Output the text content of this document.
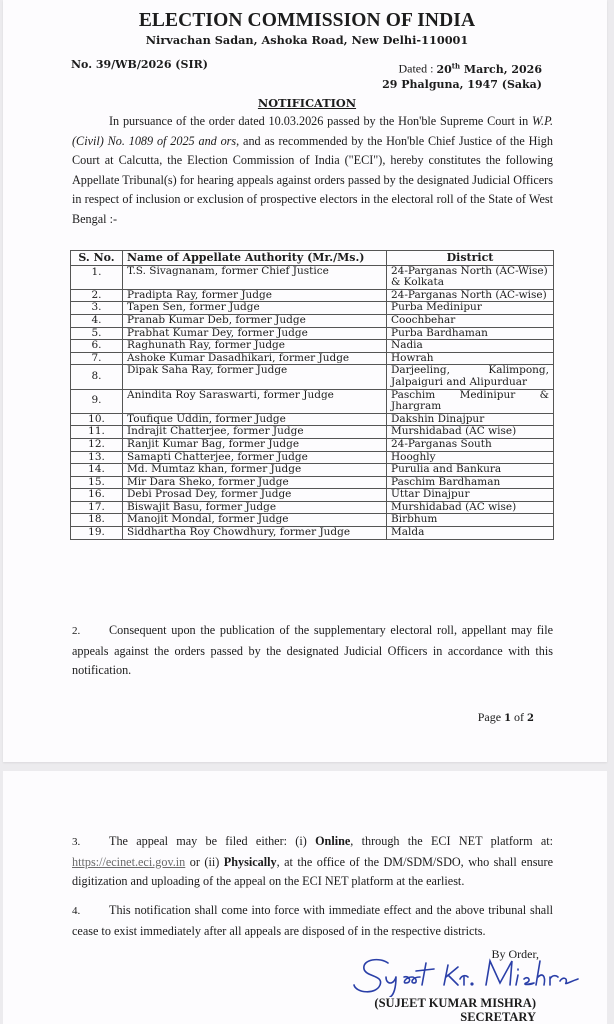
ELECTION COMMISSION OF INDIA
Nirvachan Sadan, Ashoka Road, New Delhi-110001
No. 39/WB/2026 (SIR)	Dated : 20th March, 2026
29 Phalguna, 1947 (Saka)
NOTIFICATION
In pursuance of the order dated 10.03.2026 passed by the Hon'ble Supreme Court in W.P. (Civil) No. 1089 of 2025 and ors, and as recommended by the Hon'ble Chief Justice of the High Court at Calcutta, the Election Commission of India ("ECI"), hereby constitutes the following Appellate Tribunal(s) for hearing appeals against orders passed by the designated Judicial Officers in respect of inclusion or exclusion of prospective electors in the electoral roll of the State of West Bengal :-
S. No.	Name of Appellate Authority (Mr./Ms.)	District
1.	T.S. Sivagnanam, former Chief Justice	24-Parganas North (AC-Wise) & Kolkata
2.	Pradipta Ray, former Judge	24-Parganas North (AC-wise)
3.	Tapen Sen, former Judge	Purba Medinipur
4.	Pranab Kumar Deb, former Judge	Coochbehar
5.	Prabhat Kumar Dey, former Judge	Purba Bardhaman
6.	Raghunath Ray, former Judge	Nadia
7.	Ashoke Kumar Dasadhikari, former Judge	Howrah
8.	Dipak Saha Ray, former Judge	Darjeeling, Kalimpong, Jalpaiguri and Alipurduar
9.	Anindita Roy Saraswarti, former Judge	Paschim Medinipur & Jhargram
10.	Toufique Uddin, former Judge	Dakshin Dinajpur
11.	Indrajit Chatterjee, former Judge	Murshidabad (AC wise)
12.	Ranjit Kumar Bag, former Judge	24-Parganas South
13.	Samapti Chatterjee, former Judge	Hooghly
14.	Md. Mumtaz khan, former Judge	Purulia and Bankura
15.	Mir Dara Sheko, former Judge	Paschim Bardhaman
16.	Debi Prosad Dey, former Judge	Uttar Dinajpur
17.	Biswajit Basu, former Judge	Murshidabad (AC wise)
18.	Manojit Mondal, former Judge	Birbhum
19.	Siddhartha Roy Chowdhury, former Judge	Malda
2. Consequent upon the publication of the supplementary electoral roll, appellant may file appeals against the orders passed by the designated Judicial Officers in accordance with this notification.
Page 1 of 2
3. The appeal may be filed either: (i) Online, through the ECI NET platform at: https://ecinet.eci.gov.in or (ii) Physically, at the office of the DM/SDM/SDO, who shall ensure digitization and uploading of the appeal on the ECI NET platform at the earliest.
4. This notification shall come into force with immediate effect and the above tribunal shall cease to exist immediately after all appeals are disposed of in the respective districts.
By Order,
(SUJEET KUMAR MISHRA)
SECRETARY
